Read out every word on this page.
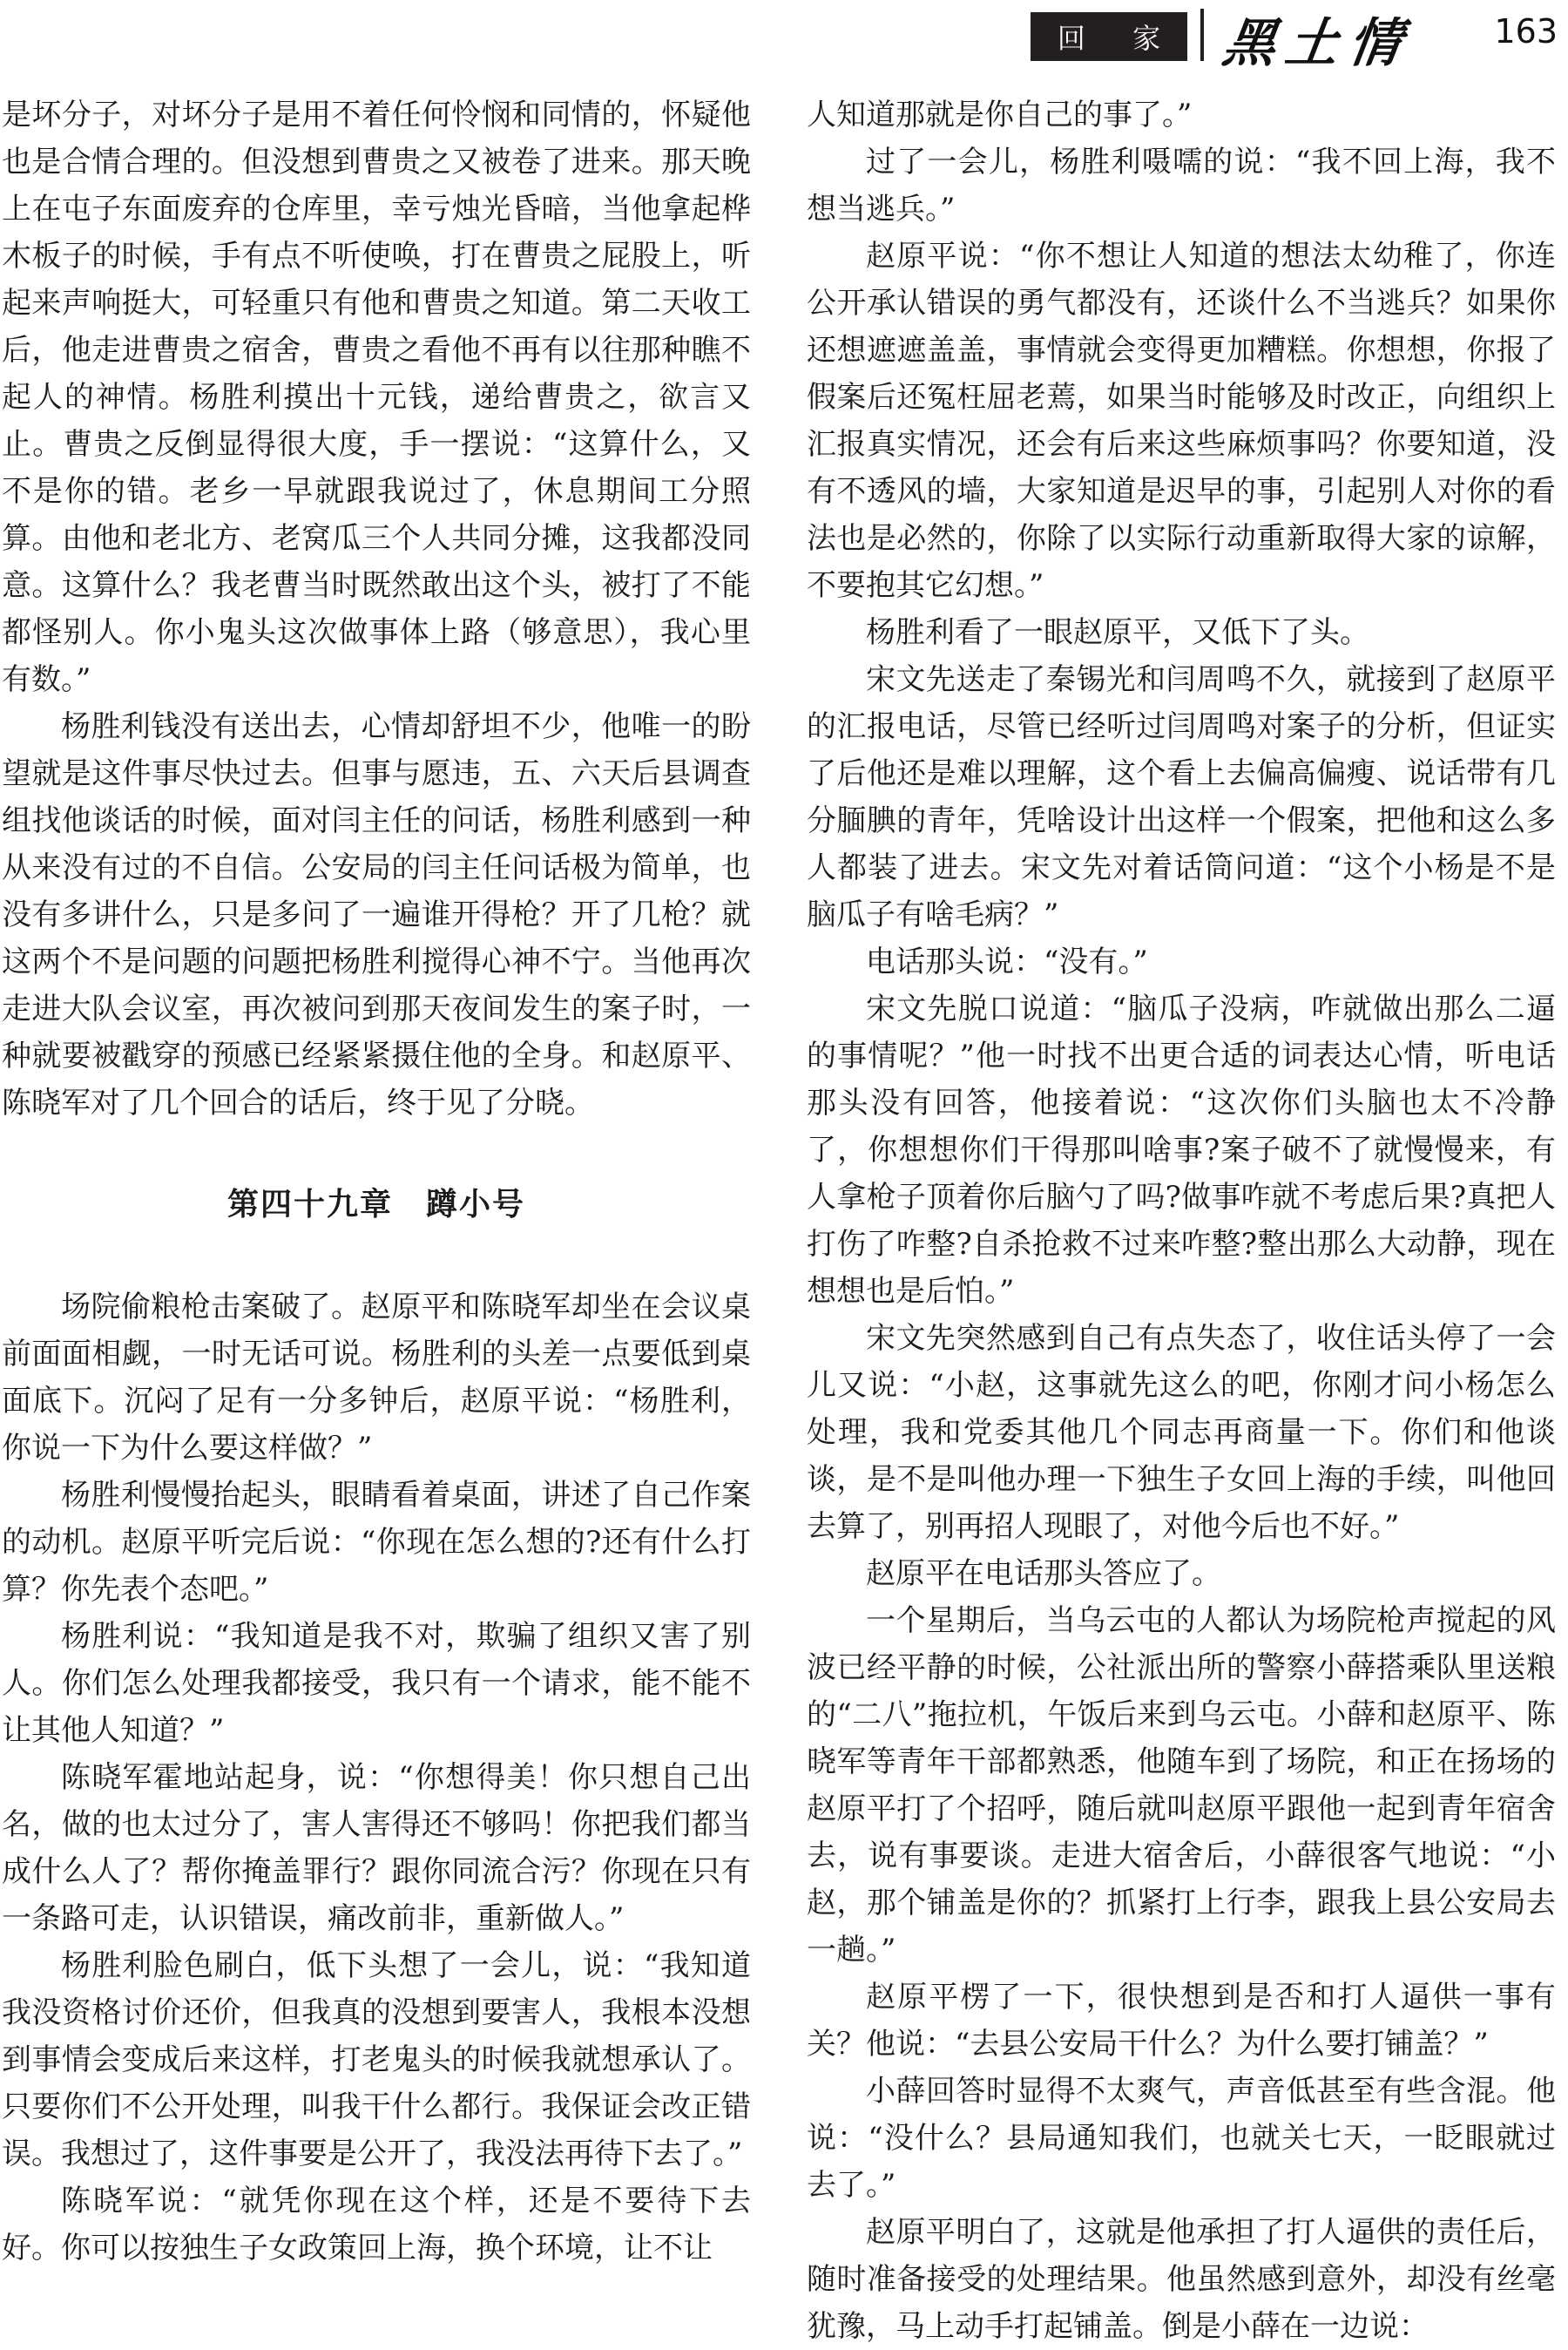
回 家 黑土情 163

是坏分子，对坏分子是用不着任何怜悯和同情的，怀疑他也是合情合理的。但没想到曹贵之又被卷了进来。那天晚上在屯子东面废弃的仓库里，幸亏烛光昏暗，当他拿起桦木板子的时候，手有点不听使唤，打在曹贵之屁股上，听起来声响挺大，可轻重只有他和曹贵之知道。第二天收工后，他走进曹贵之宿舍，曹贵之看他不再有以往那种瞧不起人的神情。杨胜利摸出十元钱，递给曹贵之，欲言又止。曹贵之反倒显得很大度，手一摆说：“这算什么，又不是你的错。老乡一早就跟我说过了，休息期间工分照算。由他和老北方、老窝瓜三个人共同分摊，这我都没同意。这算什么？我老曹当时既然敢出这个头，被打了不能都怪别人。你小鬼头这次做事体上路（够意思），我心里有数。”

杨胜利钱没有送出去，心情却舒坦不少，他唯一的盼望就是这件事尽快过去。但事与愿违，五、六天后县调查组找他谈话的时候，面对闫主任的问话，杨胜利感到一种从来没有过的不自信。公安局的闫主任问话极为简单，也没有多讲什么，只是多问了一遍谁开得枪？开了几枪？就这两个不是问题的问题把杨胜利搅得心神不宁。当他再次走进大队会议室，再次被问到那天夜间发生的案子时，一种就要被戳穿的预感已经紧紧摄住他的全身。和赵原平、陈晓军对了几个回合的话后，终于见了分晓。

第四十九章　蹲小号

场院偷粮枪击案破了。赵原平和陈晓军却坐在会议桌前面面相觑，一时无话可说。杨胜利的头差一点要低到桌面底下。沉闷了足有一分多钟后，赵原平说：“杨胜利，你说一下为什么要这样做？”

杨胜利慢慢抬起头，眼睛看着桌面，讲述了自己作案的动机。赵原平听完后说：“你现在怎么想的?还有什么打算？你先表个态吧。”

杨胜利说：“我知道是我不对，欺骗了组织又害了别人。你们怎么处理我都接受，我只有一个请求，能不能不让其他人知道？”

陈晓军霍地站起身，说：“你想得美！你只想自己出名，做的也太过分了，害人害得还不够吗！你把我们都当成什么人了？帮你掩盖罪行？跟你同流合污？你现在只有一条路可走，认识错误，痛改前非，重新做人。”

杨胜利脸色刷白，低下头想了一会儿，说：“我知道我没资格讨价还价，但我真的没想到要害人，我根本没想到事情会变成后来这样，打老鬼头的时候我就想承认了。只要你们不公开处理，叫我干什么都行。我保证会改正错误。我想过了，这件事要是公开了，我没法再待下去了。”

陈晓军说：“就凭你现在这个样，还是不要待下去好。你可以按独生子女政策回上海，换个环境，让不让

人知道那就是你自己的事了。”

过了一会儿，杨胜利嗫嚅的说：“我不回上海，我不想当逃兵。”

赵原平说：“你不想让人知道的想法太幼稚了，你连公开承认错误的勇气都没有，还谈什么不当逃兵？如果你还想遮遮盖盖，事情就会变得更加糟糕。你想想，你报了假案后还冤枉屈老蔫，如果当时能够及时改正，向组织上汇报真实情况，还会有后来这些麻烦事吗？你要知道，没有不透风的墙，大家知道是迟早的事，引起别人对你的看法也是必然的，你除了以实际行动重新取得大家的谅解，不要抱其它幻想。”

杨胜利看了一眼赵原平，又低下了头。

宋文先送走了秦锡光和闫周鸣不久，就接到了赵原平的汇报电话，尽管已经听过闫周鸣对案子的分析，但证实了后他还是难以理解，这个看上去偏高偏瘦、说话带有几分腼腆的青年，凭啥设计出这样一个假案，把他和这么多人都装了进去。宋文先对着话筒问道：“这个小杨是不是脑瓜子有啥毛病？”

电话那头说：“没有。”

宋文先脱口说道：“脑瓜子没病，咋就做出那么二逼的事情呢？”他一时找不出更合适的词表达心情，听电话那头没有回答，他接着说：“这次你们头脑也太不冷静了，你想想你们干得那叫啥事?案子破不了就慢慢来，有人拿枪子顶着你后脑勺了吗?做事咋就不考虑后果?真把人打伤了咋整?自杀抢救不过来咋整?整出那么大动静，现在想想也是后怕。”

宋文先突然感到自己有点失态了，收住话头停了一会儿又说：“小赵，这事就先这么的吧，你刚才问小杨怎么处理，我和党委其他几个同志再商量一下。你们和他谈谈，是不是叫他办理一下独生子女回上海的手续，叫他回去算了，别再招人现眼了，对他今后也不好。”

赵原平在电话那头答应了。

一个星期后，当乌云屯的人都认为场院枪声搅起的风波已经平静的时候，公社派出所的警察小薛搭乘队里送粮的“二八”拖拉机，午饭后来到乌云屯。小薛和赵原平、陈晓军等青年干部都熟悉，他随车到了场院，和正在扬场的赵原平打了个招呼，随后就叫赵原平跟他一起到青年宿舍去，说有事要谈。走进大宿舍后，小薛很客气地说：“小赵，那个铺盖是你的？抓紧打上行李，跟我上县公安局去一趟。”

赵原平楞了一下，很快想到是否和打人逼供一事有关？他说：“去县公安局干什么？为什么要打铺盖？”

小薛回答时显得不太爽气，声音低甚至有些含混。他说：“没什么？县局通知我们，也就关七天，一眨眼就过去了。”

赵原平明白了，这就是他承担了打人逼供的责任后，随时准备接受的处理结果。他虽然感到意外，却没有丝毫犹豫，马上动手打起铺盖。倒是小薛在一边说：
